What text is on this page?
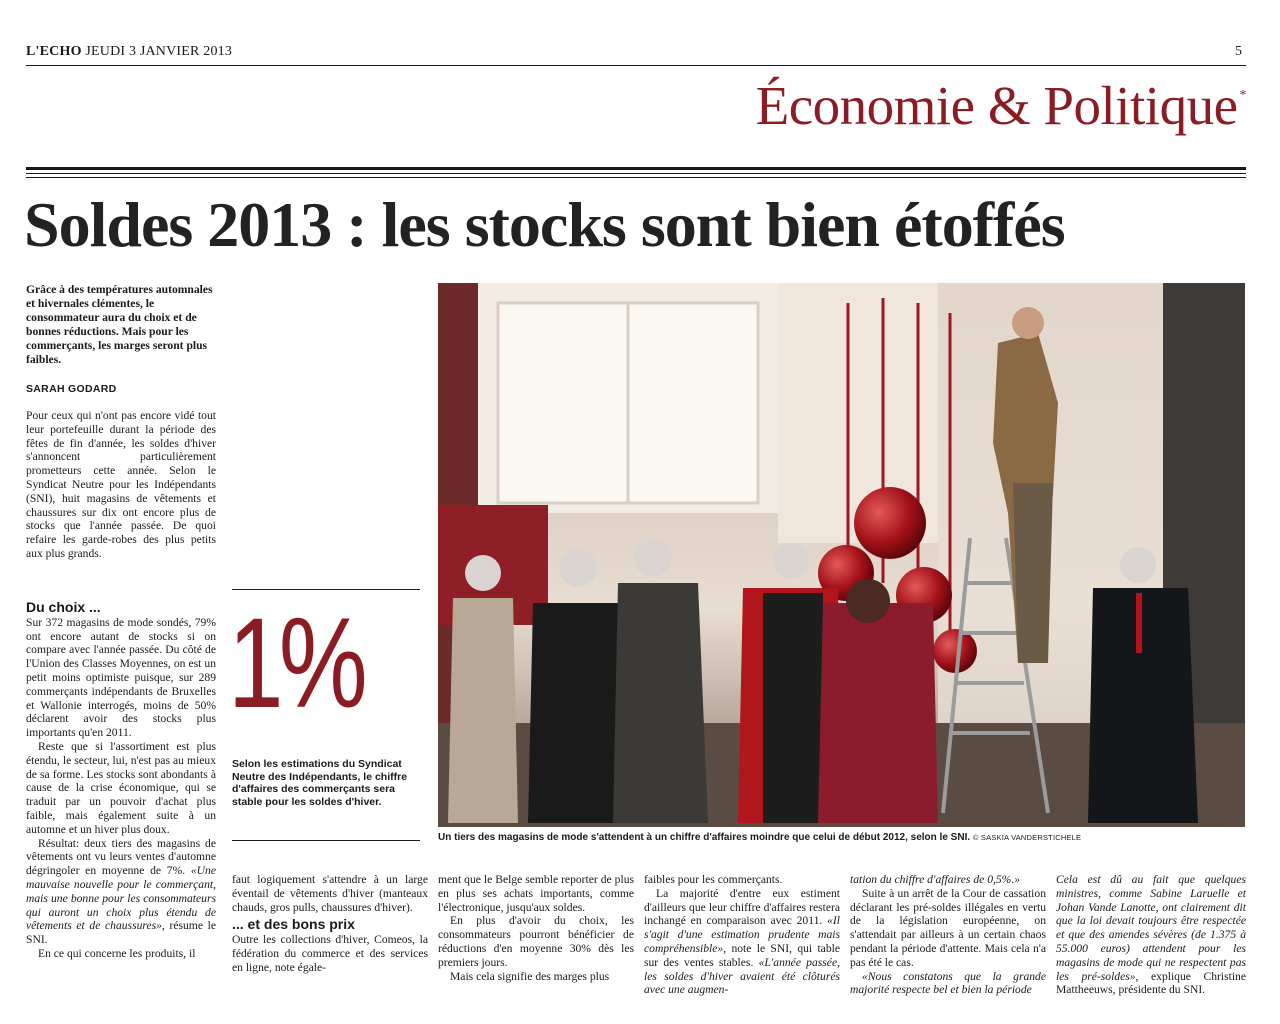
L'ECHO JEUDI 3 JANVIER 2013	5
Économie & Politique *
Soldes 2013 : les stocks sont bien étoffés
Grâce à des températures automnales et hivernales clémentes, le consommateur aura du choix et de bonnes réductions. Mais pour les commerçants, les marges seront plus faibles.
SARAH GODARD

Pour ceux qui n'ont pas encore vidé tout leur portefeuille durant la période des fêtes de fin d'année, les soldes d'hiver s'annoncent particulièrement prometteurs cette année. Selon le Syndicat Neutre pour les Indépendants (SNI), huit magasins de vêtements et chaussures sur dix ont encore plus de stocks que l'année passée. De quoi refaire les garde-robes des plus petits aux plus grands.

Du choix ...

Sur 372 magasins de mode sondés, 79% ont encore autant de stocks si on compare avec l'année passée. Du côté de l'Union des Classes Moyennes, on est un petit moins optimiste puisque, sur 289 commerçants indépendants de Bruxelles et Wallonie interrogés, moins de 50% déclarent avoir des stocks plus importants qu'en 2011.

Reste que si l'assortiment est plus étendu, le secteur, lui, n'est pas au mieux de sa forme. Les stocks sont abondants à cause de la crise économique, qui se traduit par un pouvoir d'achat plus faible, mais également suite à un automne et un hiver plus doux.

Résultat: deux tiers des magasins de vêtements ont vu leurs ventes d'automne dégringoler en moyenne de 7%. «Une mauvaise nouvelle pour le commerçant, mais une bonne pour les consommateurs qui auront un choix plus étendu de vêtements et de chaussures», résume le SNI.

En ce qui concerne les produits, il

1%
Selon les estimations du Syndicat Neutre des Indépendants, le chiffre d'affaires des commerçants sera stable pour les soldes d'hiver.
Un tiers des magasins de mode s'attendent à un chiffre d'affaires moindre que celui de début 2012, selon le SNI. © SASKIA VANDERSTICHELE

faut logiquement s'attendre à un large éventail de vêtements d'hiver (manteaux chauds, gros pulls, chaussures d'hiver).

... et des bons prix

Outre les collections d'hiver, Comeos, la fédération du commerce et des services en ligne, note égale-

ment que le Belge semble reporter de plus en plus ses achats importants, comme l'électronique, jusqu'aux soldes.

En plus d'avoir du choix, les consommateurs pourront bénéficier de réductions d'en moyenne 30% dès les premiers jours.

Mais cela signifie des marges plus

faibles pour les commerçants.

La majorité d'entre eux estiment d'ailleurs que leur chiffre d'affaires restera inchangé en comparaison avec 2011. «Il s'agit d'une estimation prudente mais compréhensible», note le SNI, qui table sur des ventes stables. «L'année passée, les soldes d'hiver avaient été clôturés avec une augmen-

tation du chiffre d'affaires de 0,5%.»

Suite à un arrêt de la Cour de cassation déclarant les pré-soldes illégales en vertu de la législation européenne, on s'attendait par ailleurs à un certain chaos pendant la période d'attente. Mais cela n'a pas été le cas.

«Nous constatons que la grande majorité respecte bel et bien la période

Cela est dû au fait que quelques ministres, comme Sabine Laruelle et Johan Vande Lanotte, ont clairement dit que la loi devait toujours être respectée et que des amendes sévères (de 1.375 à 55.000 euros) attendent pour les magasins de mode qui ne respectent pas les pré-soldes», explique Christine Mattheeuws, présidente du SNI.
